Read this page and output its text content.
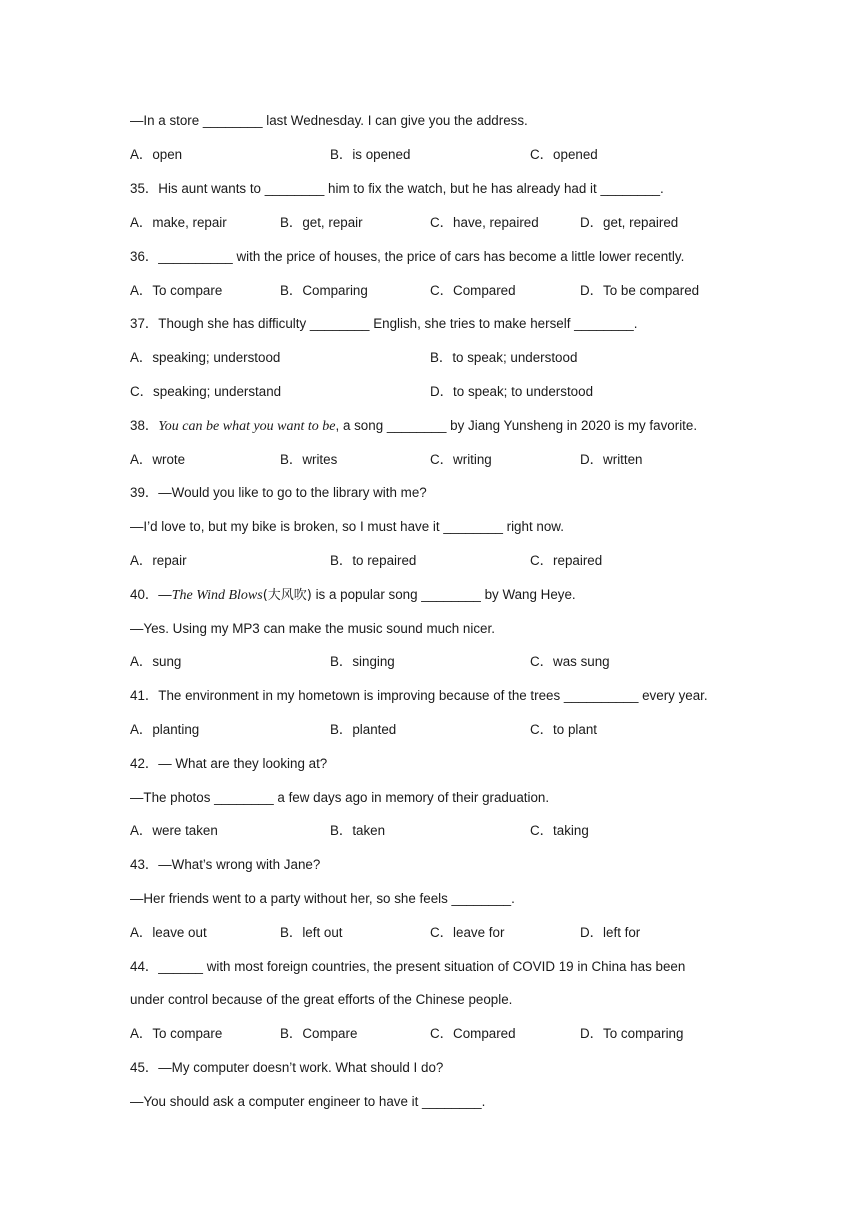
—In a store ________ last Wednesday. I can give you the address.
A．open	B．is opened	C．opened
35．His aunt wants to ________ him to fix the watch, but he has already had it ________.
A．make, repair	B．get, repair	C．have, repaired	D．get, repaired
36．__________ with the price of houses, the price of cars has become a little lower recently.
A．To compare	B．Comparing	C．Compared	D．To be compared
37．Though she has difficulty ________ English, she tries to make herself ________.
A．speaking; understood	B．to speak; understood
C．speaking; understand	D．to speak; to understood
38．You can be what you want to be, a song ________ by Jiang Yunsheng in 2020 is my favorite.
A．wrote	B．writes	C．writing	D．written
39．—Would you like to go to the library with me?
—I’d love to, but my bike is broken, so I must have it ________ right now.
A．repair	B．to repaired	C．repaired
40．—The Wind Blows(大风吹) is a popular song ________ by Wang Heye.
—Yes. Using my MP3 can make the music sound much nicer.
A．sung	B．singing	C．was sung
41．The environment in my hometown is improving because of the trees __________ every year.
A．planting	B．planted	C．to plant
42．— What are they looking at?
—The photos ________ a few days ago in memory of their graduation.
A．were taken	B．taken	C．taking
43．—What’s wrong with Jane?
—Her friends went to a party without her, so she feels ________.
A．leave out	B．left out	C．leave for	D．left for
44．______ with most foreign countries, the present situation of COVID 19 in China has been
under control because of the great efforts of the Chinese people.
A．To compare	B．Compare	C．Compared	D．To comparing
45．—My computer doesn’t work. What should I do?
—You should ask a computer engineer to have it ________.
